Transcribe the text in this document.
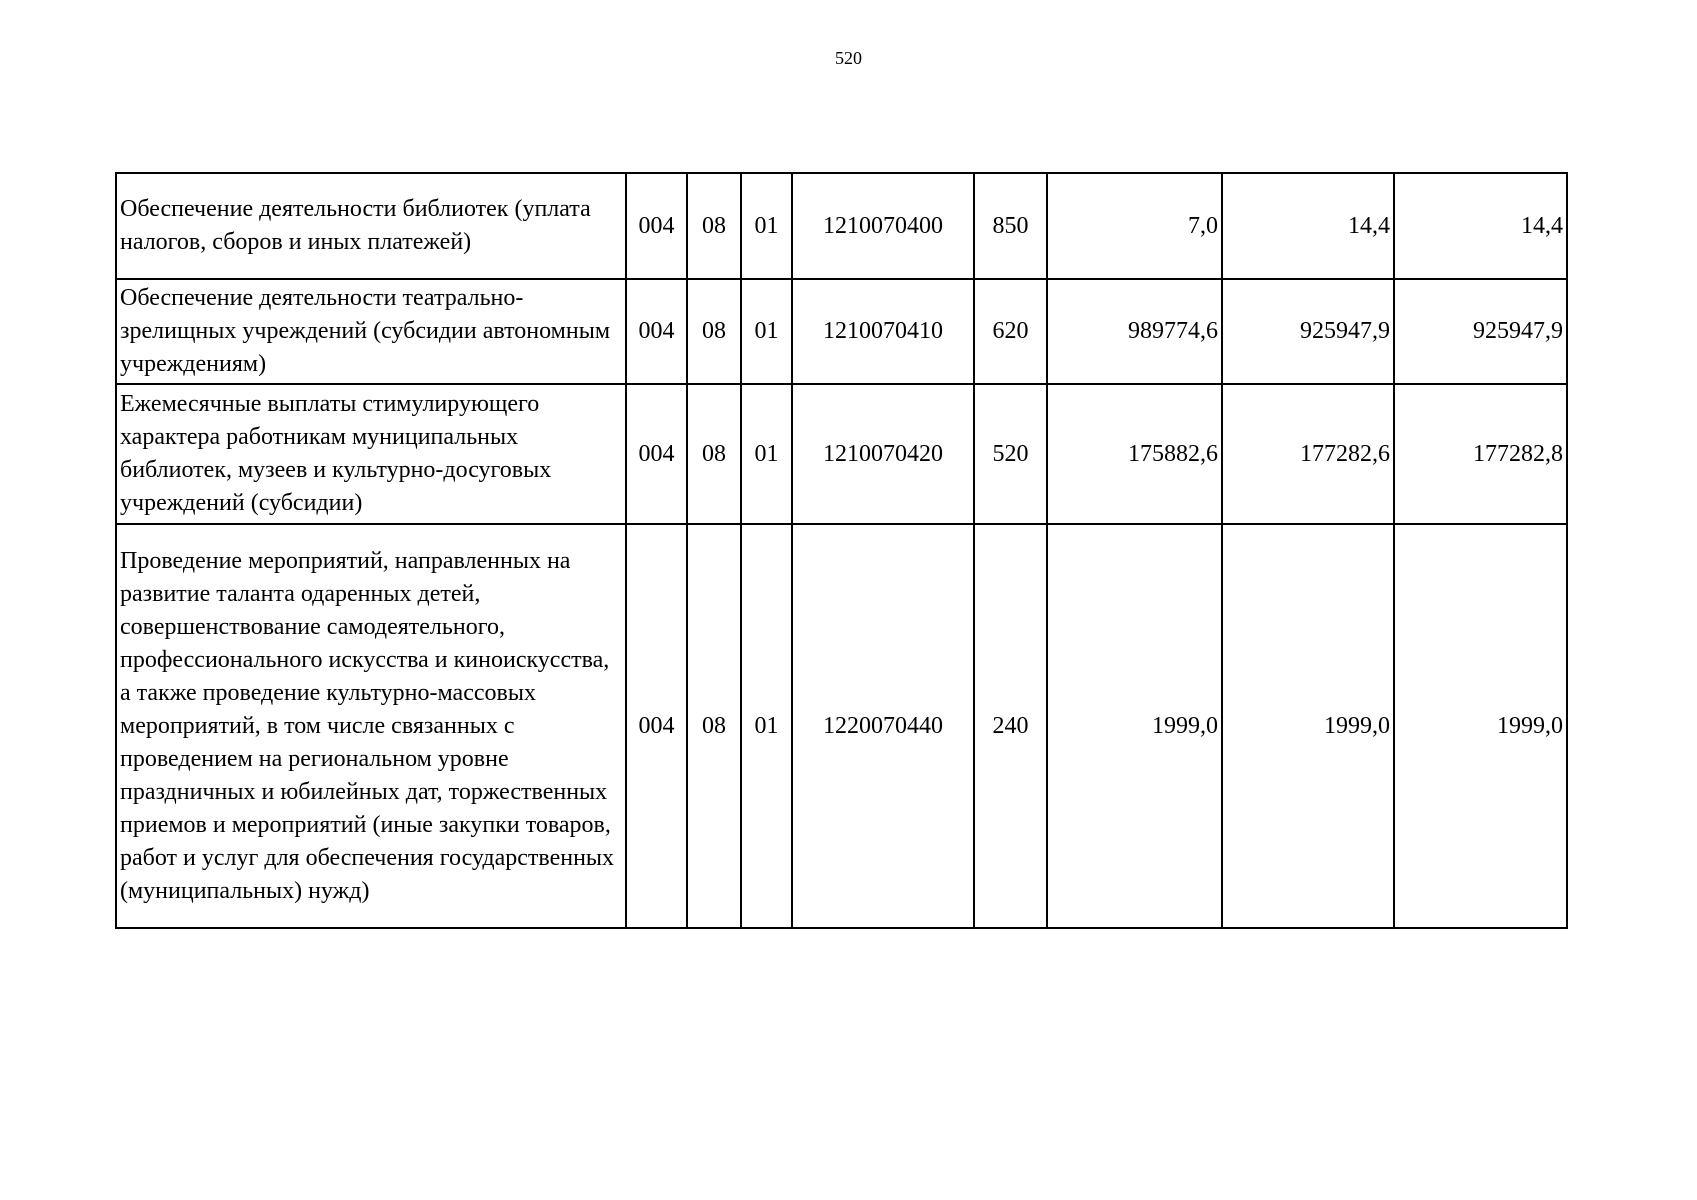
520
Обеспечение деятельности библиотек (уплата налогов, сборов и иных платежей)	004	08	01	1210070400	850	7,0	14,4	14,4
Обеспечение деятельности театрально-зрелищных учреждений (субсидии автономным учреждениям)	004	08	01	1210070410	620	989774,6	925947,9	925947,9
Ежемесячные выплаты стимулирующего характера работникам муниципальных библиотек, музеев и культурно-досуговых учреждений (субсидии)	004	08	01	1210070420	520	175882,6	177282,6	177282,8
Проведение мероприятий, направленных на развитие таланта одаренных детей, совершенствование самодеятельного, профессионального искусства и киноискусства, а также проведение культурно-массовых мероприятий, в том числе связанных с проведением на региональном уровне праздничных и юбилейных дат, торжественных приемов и мероприятий (иные закупки товаров, работ и услуг для обеспечения государственных (муниципальных) нужд)	004	08	01	1220070440	240	1999,0	1999,0	1999,0
